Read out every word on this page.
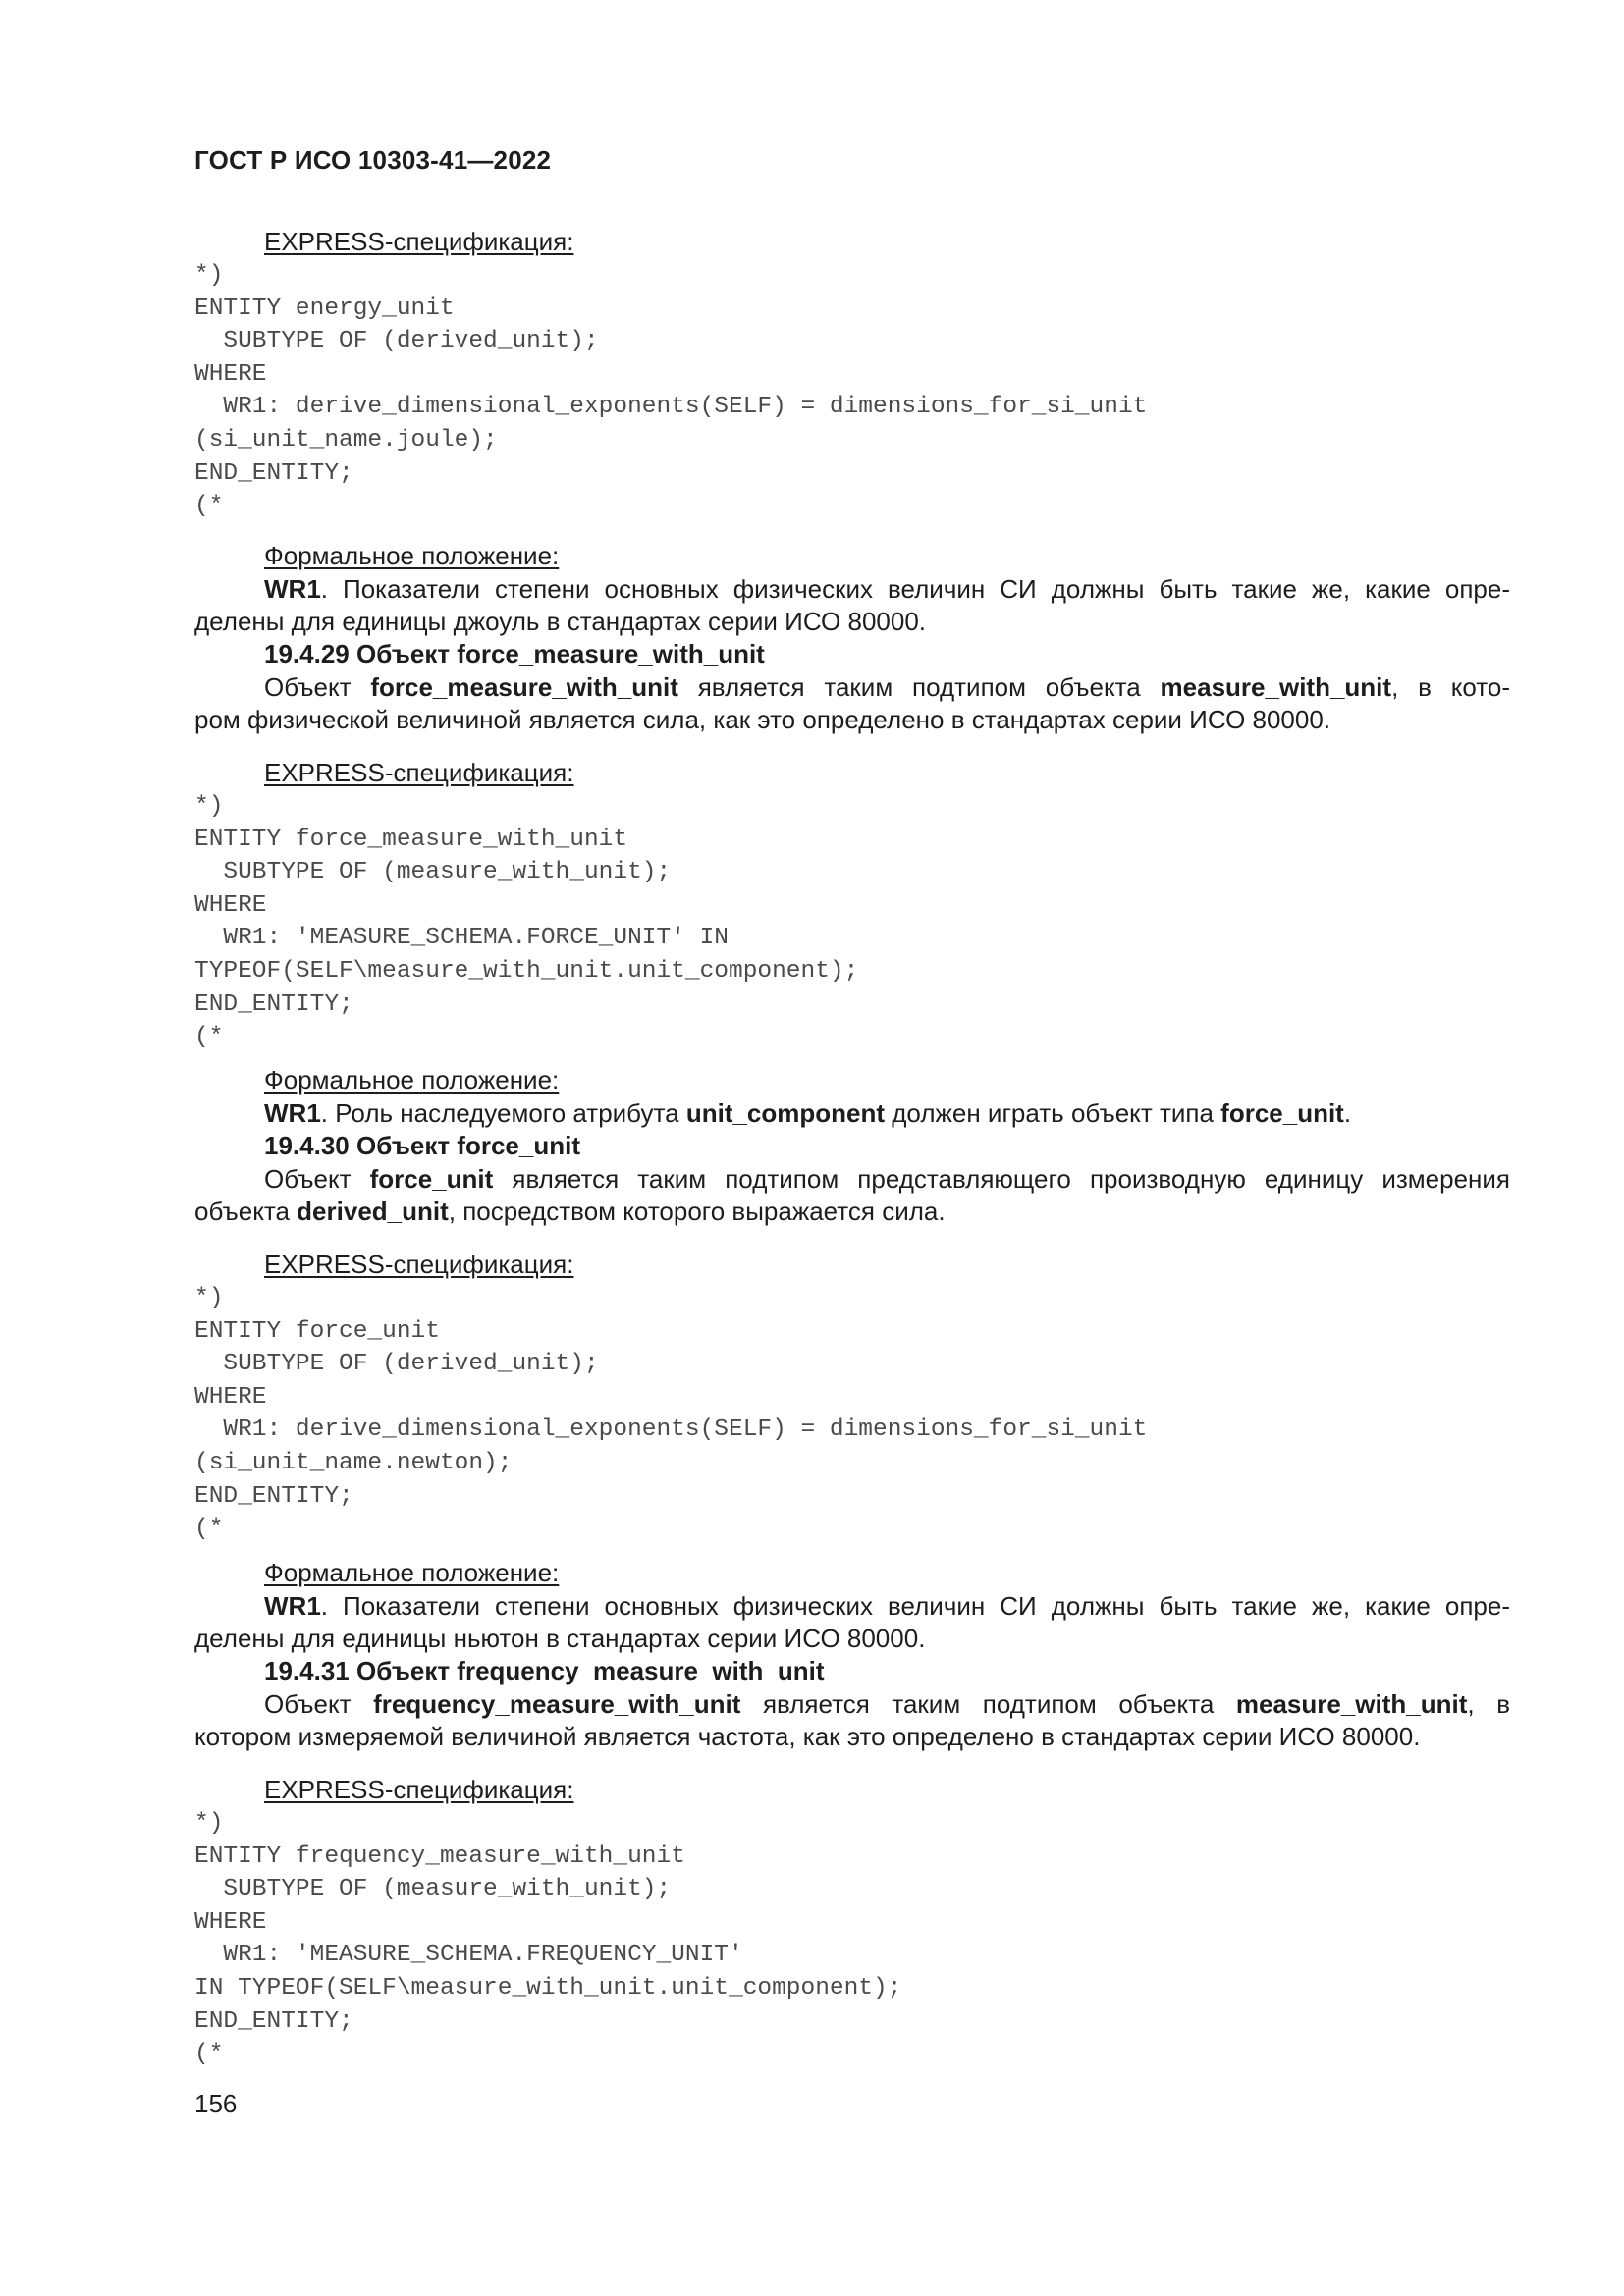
ГОСТ Р ИСО 10303-41—2022
EXPRESS-спецификация:
*)
ENTITY energy_unit
SUBTYPE OF (derived_unit);
WHERE
WR1: derive_dimensional_exponents(SELF) = dimensions_for_si_unit
(si_unit_name.joule);
END_ENTITY;
(*
Формальное положение:
WR1. Показатели степени основных физических величин СИ должны быть такие же, какие опре-
делены для единицы джоуль в стандартах серии ИСО 80000.
19.4.29 Объект force_measure_with_unit
Объект force_measure_with_unit является таким подтипом объекта measure_with_unit, в кото-
ром физической величиной является сила, как это определено в стандартах серии ИСО 80000.
EXPRESS-спецификация:
*)
ENTITY force_measure_with_unit
SUBTYPE OF (measure_with_unit);
WHERE
WR1: 'MEASURE_SCHEMA.FORCE_UNIT' IN
TYPEOF(SELF\measure_with_unit.unit_component);
END_ENTITY;
(*
Формальное положение:
WR1. Роль наследуемого атрибута unit_component должен играть объект типа force_unit.
19.4.30 Объект force_unit
Объект force_unit является таким подтипом представляющего производную единицу измерения
объекта derived_unit, посредством которого выражается сила.
EXPRESS-спецификация:
*)
ENTITY force_unit
SUBTYPE OF (derived_unit);
WHERE
WR1: derive_dimensional_exponents(SELF) = dimensions_for_si_unit
(si_unit_name.newton);
END_ENTITY;
(*
Формальное положение:
WR1. Показатели степени основных физических величин СИ должны быть такие же, какие опре-
делены для единицы ньютон в стандартах серии ИСО 80000.
19.4.31 Объект frequency_measure_with_unit
Объект frequency_measure_with_unit является таким подтипом объекта measure_with_unit, в
котором измеряемой величиной является частота, как это определено в стандартах серии ИСО 80000.
EXPRESS-спецификация:
*)
ENTITY frequency_measure_with_unit
SUBTYPE OF (measure_with_unit);
WHERE
WR1: 'MEASURE_SCHEMA.FREQUENCY_UNIT'
IN TYPEOF(SELF\measure_with_unit.unit_component);
END_ENTITY;
(*
156
